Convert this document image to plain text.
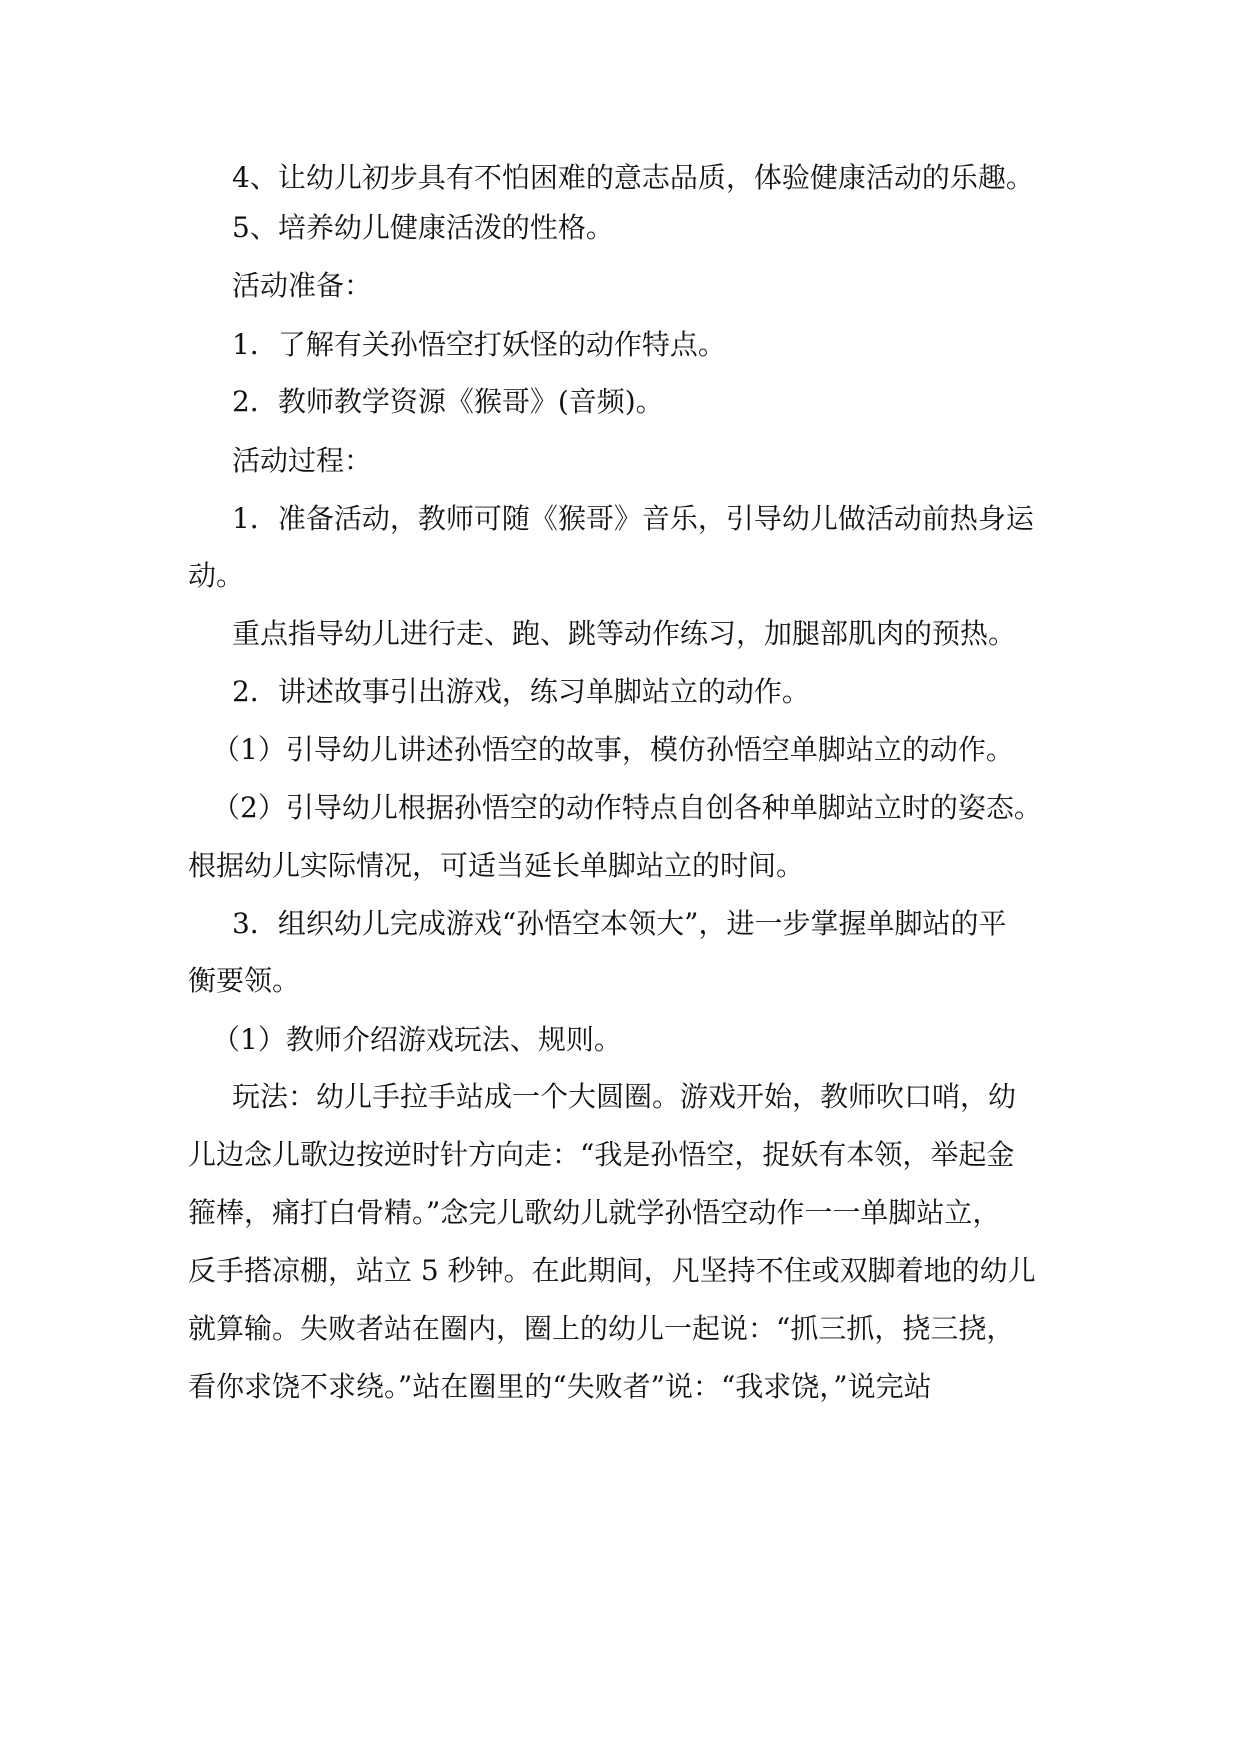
4、让幼儿初步具有不怕困难的意志品质，体验健康活动的乐趣。
5、培养幼儿健康活泼的性格。
活动准备：
1．了解有关孙悟空打妖怪的动作特点。
2．教师教学资源《猴哥》(音频)。
活动过程：
1．准备活动，教师可随《猴哥》音乐，引导幼儿做活动前热身运
动。
重点指导幼儿进行走、跑、跳等动作练习，加腿部肌肉的预热。
2．讲述故事引出游戏，练习单脚站立的动作。
（1）引导幼儿讲述孙悟空的故事，模仿孙悟空单脚站立的动作。
（2）引导幼儿根据孙悟空的动作特点自创各种单脚站立时的姿态。
根据幼儿实际情况，可适当延长单脚站立的时间。
3．组织幼儿完成游戏“孙悟空本领大”，进一步掌握单脚站的平
衡要领。
（1）教师介绍游戏玩法、规则。
玩法：幼儿手拉手站成一个大圆圈。游戏开始，教师吹口哨，幼
儿边念儿歌边按逆时针方向走：“我是孙悟空，捉妖有本领，举起金
箍棒，痛打白骨精。”念完儿歌幼儿就学孙悟空动作一一单脚站立，
反手搭凉棚，站立 5 秒钟。在此期间，凡坚持不住或双脚着地的幼儿
就算输。失败者站在圈内，圈上的幼儿一起说：“抓三抓，挠三挠，
看你求饶不求绕。”站在圈里的“失败者”说：“我求饶，”说完站
